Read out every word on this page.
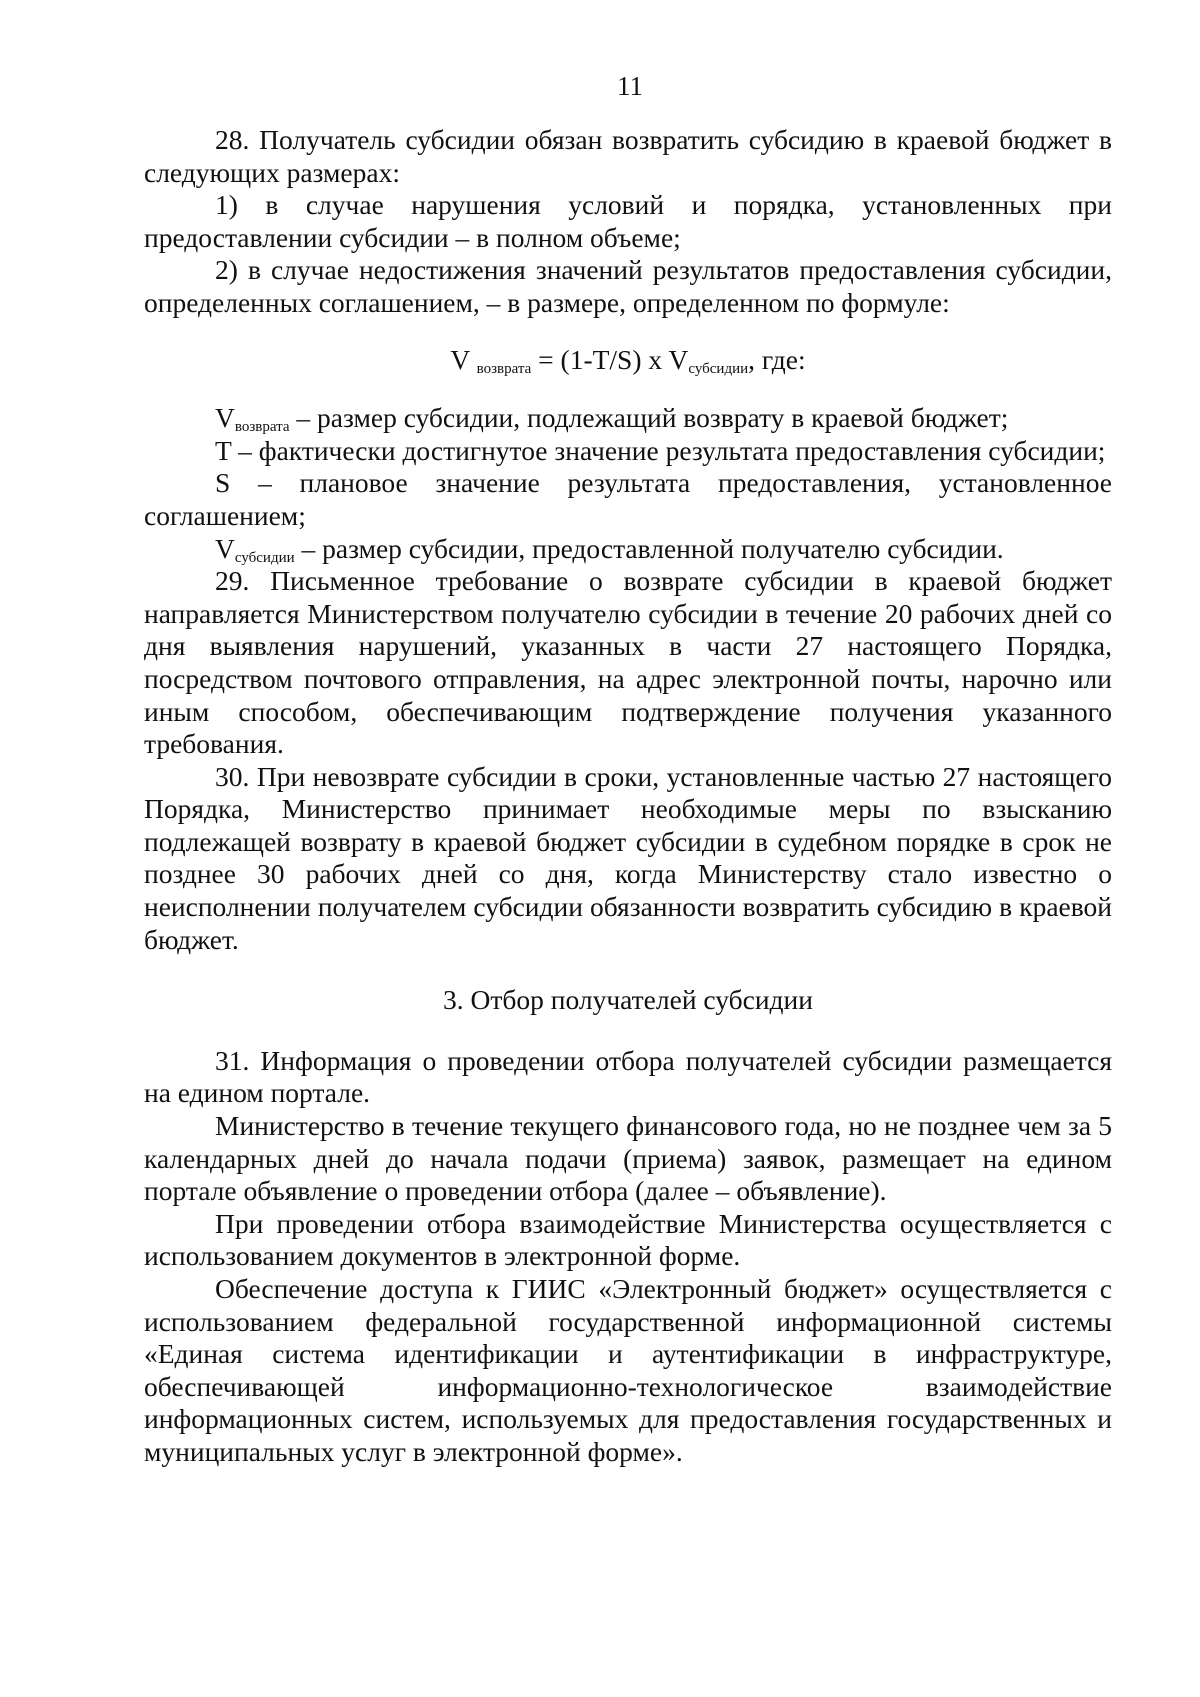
11

28. Получатель субсидии обязан возвратить субсидию в краевой бюджет в следующих размерах:

1) в случае нарушения условий и порядка, установленных при предоставлении субсидии – в полном объеме;

2) в случае недостижения значений результатов предоставления субсидии, определенных соглашением, – в размере, определенном по формуле:

V $_{возврата}$ = (1-T/S) x $V_{субсидии}$, где:

$V_{возврата}$ – размер субсидии, подлежащий возврату в краевой бюджет;

T – фактически достигнутое значение результата предоставления субсидии;

S – плановое значение результата предоставления, установленное соглашением;

$V_{субсидии}$ – размер субсидии, предоставленной получателю субсидии.

29. Письменное требование о возврате субсидии в краевой бюджет направляется Министерством получателю субсидии в течение 20 рабочих дней со дня выявления нарушений, указанных в части 27 настоящего Порядка, посредством почтового отправления, на адрес электронной почты, нарочно или иным способом, обеспечивающим подтверждение получения указанного требования.

30. При невозврате субсидии в сроки, установленные частью 27 настоящего Порядка, Министерство принимает необходимые меры по взысканию подлежащей возврату в краевой бюджет субсидии в судебном порядке в срок не позднее 30 рабочих дней со дня, когда Министерству стало известно о неисполнении получателем субсидии обязанности возвратить субсидию в краевой бюджет.

3. Отбор получателей субсидии

31. Информация о проведении отбора получателей субсидии размещается на едином портале.

Министерство в течение текущего финансового года, но не позднее чем за 5 календарных дней до начала подачи (приема) заявок, размещает на едином портале объявление о проведении отбора (далее – объявление).

При проведении отбора взаимодействие Министерства осуществляется с использованием документов в электронной форме.

Обеспечение доступа к ГИИС «Электронный бюджет» осуществляется с использованием федеральной государственной информационной системы «Единая система идентификации и аутентификации в инфраструктуре, обеспечивающей информационно-технологическое взаимодействие информационных систем, используемых для предоставления государственных и муниципальных услуг в электронной форме».
